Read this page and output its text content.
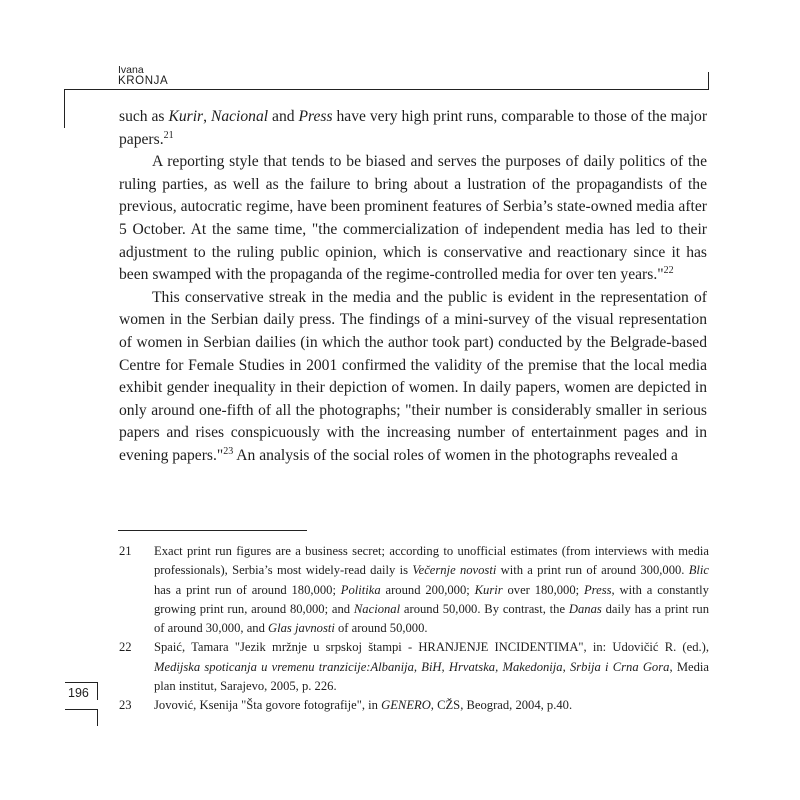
Ivana
KRONJA

such as Kurir, Nacional and Press have very high print runs, comparable to those of the major papers.$^{21}$

A reporting style that tends to be biased and serves the purposes of daily politics of the ruling parties, as well as the failure to bring about a lustration of the propagandists of the previous, autocratic regime, have been prominent features of Serbia’s state-owned media after 5 October. At the same time, "the commercialization of independent media has led to their adjustment to the ruling public opinion, which is conservative and reactionary since it has been swamped with the propaganda of the regime-controlled media for over ten years."$^{22}$

This conservative streak in the media and the public is evident in the representation of women in the Serbian daily press. The findings of a mini-survey of the visual representation of women in Serbian dailies (in which the author took part) conducted by the Belgrade-based Centre for Female Studies in 2001 confirmed the validity of the premise that the local media exhibit gender inequality in their depiction of women. In daily papers, women are depicted in only around one-fifth of all the photographs; "their number is considerably smaller in serious papers and rises conspicuously with the increasing number of entertainment pages and in evening papers."$^{23}$ An analysis of the social roles of women in the photographs revealed a

21	Exact print run figures are a business secret; according to unofficial estimates (from interviews with media professionals), Serbia’s most widely-read daily is Večernje novosti with a print run of around 300,000. Blic has a print run of around 180,000; Politika around 200,000; Kurir over 180,000; Press, with a constantly growing print run, around 80,000; and Nacional around 50,000. By contrast, the Danas daily has a print run of around 30,000, and Glas javnosti of around 50,000.
22	Spaić, Tamara "Jezik mržnje u srpskoj štampi - HRANJENJE INCIDENTIMA", in: Udovičić R. (ed.), Medijska spoticanja u vremenu tranzicije:Albanija, BiH, Hrvatska, Makedonija, Srbija i Crna Gora, Media plan institut, Sarajevo, 2005, p. 226.
23	Jovović, Ksenija "Šta govore fotografije", in GENERO, CŽS, Beograd, 2004, p.40.
196
